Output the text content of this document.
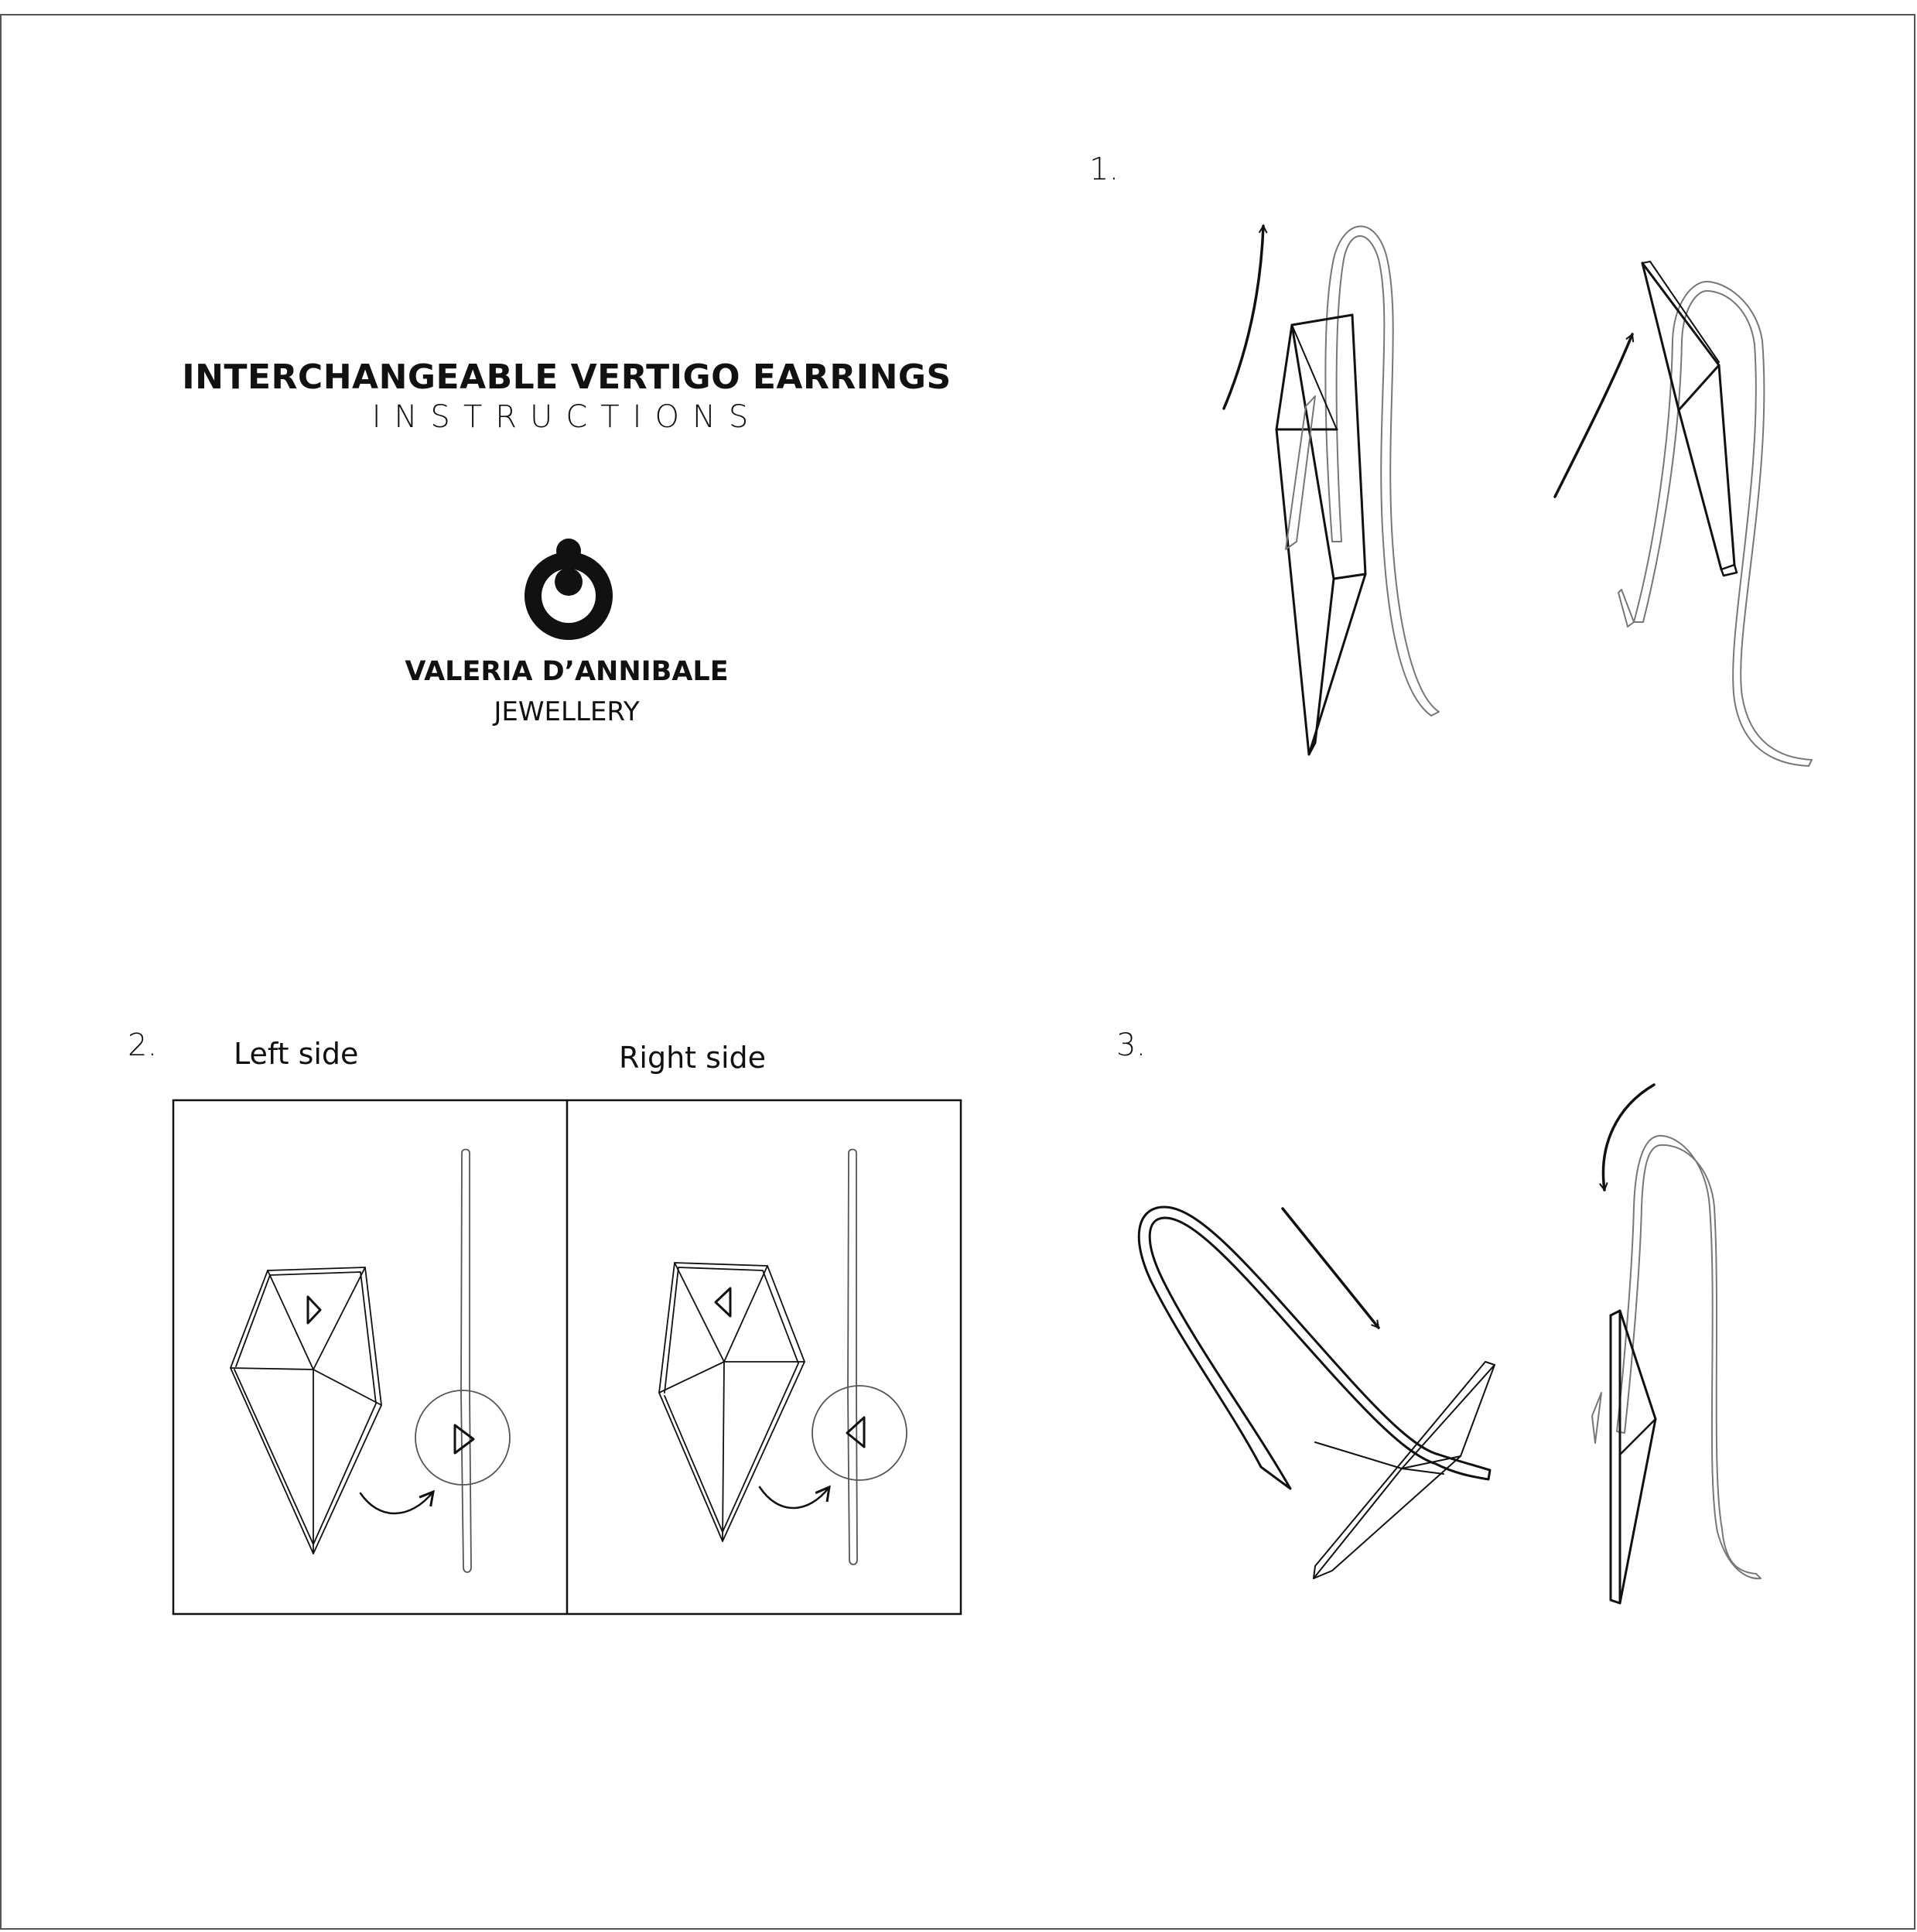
INTERCHANGEABLE VERTIGO EARRINGS
INSTRUCTIONS
VALERIA D’ANNIBALE
JEWELLERY
1.
2.	3.
Left side	Right side
